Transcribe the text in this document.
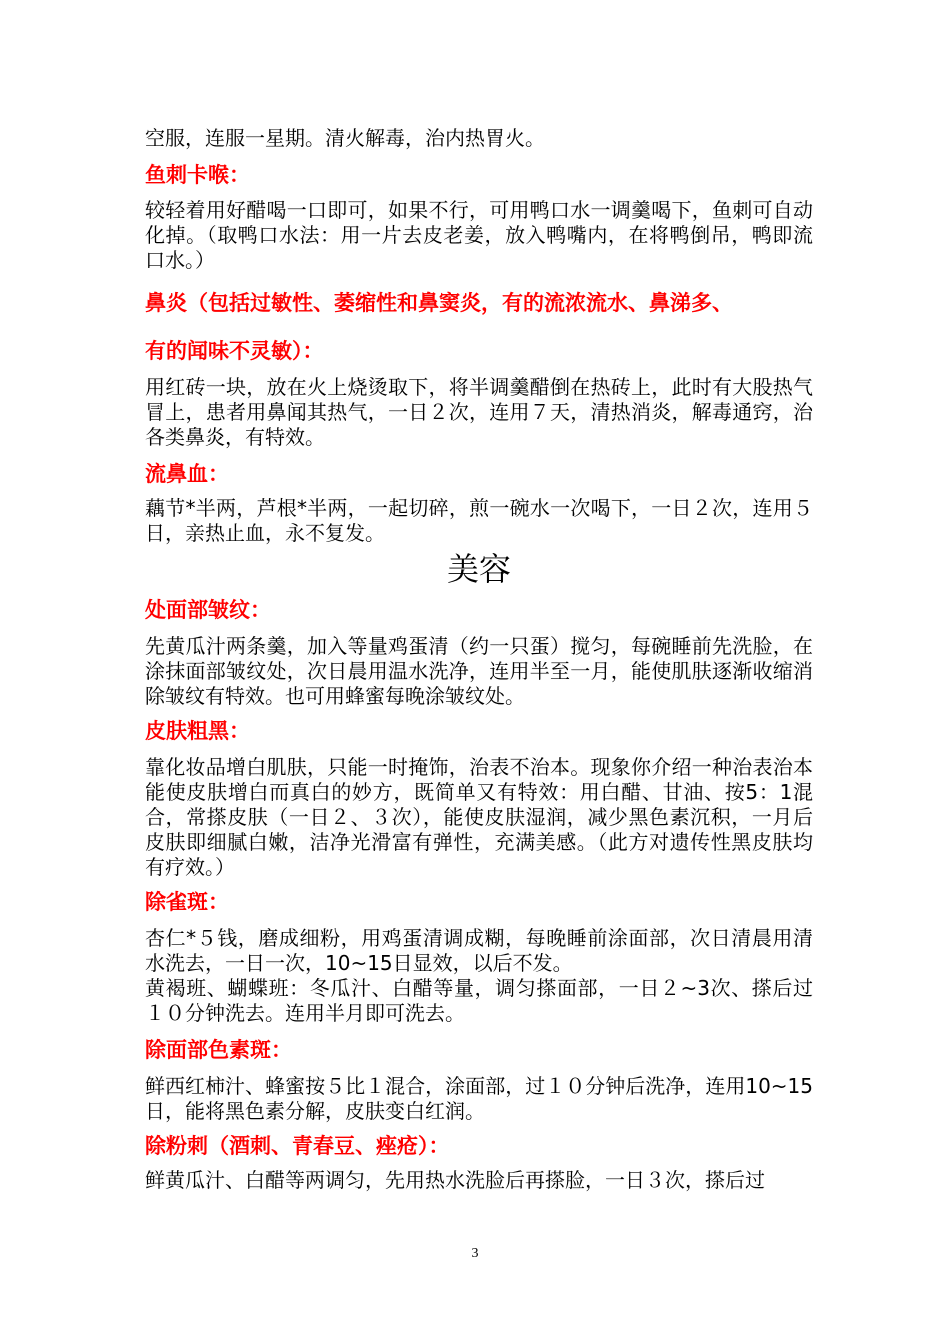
空服，连服一星期。清火解毒，治内热胃火。

鱼刺卡喉：

较轻着用好醋喝一口即可，如果不行，可用鸭口水一调羹喝下，鱼刺可自动化掉。（取鸭口水法：用一片去皮老姜，放入鸭嘴内，在将鸭倒吊，鸭即流口水。）

鼻炎（包括过敏性、萎缩性和鼻窦炎，有的流浓流水、鼻涕多、

有的闻味不灵敏）：

用红砖一块，放在火上烧烫取下，将半调羹醋倒在热砖上，此时有大股热气冒上，患者用鼻闻其热气，一日２次，连用７天，清热消炎，解毒通窍，治各类鼻炎，有特效。

流鼻血：

藕节*半两，芦根*半两，一起切碎，煎一碗水一次喝下，一日２次，连用５日，亲热止血，永不复发。

美容

处面部皱纹：

先黄瓜汁两条羹，加入等量鸡蛋清（约一只蛋）搅匀，每碗睡前先洗脸，在涂抹面部皱纹处，次日晨用温水洗净，连用半至一月，能使肌肤逐渐收缩消除皱纹有特效。也可用蜂蜜每晚涂皱纹处。

皮肤粗黑：

靠化妆品增白肌肤，只能一时掩饰，治表不治本。现象你介绍一种治表治本能使皮肤增白而真白的妙方，既简单又有特效：用白醋、甘油、按5：1混合，常搽皮肤（一日２、３次），能使皮肤湿润，减少黑色素沉积，一月后皮肤即细腻白嫩，洁净光滑富有弹性，充满美感。（此方对遗传性黑皮肤均有疗效。）

除雀斑：

杏仁*５钱，磨成细粉，用鸡蛋清调成糊，每晚睡前涂面部，次日清晨用清水洗去，一日一次，10~15日显效，以后不发。

黄褐班、蝴蝶班：冬瓜汁、白醋等量，调匀搽面部，一日２~3次、搽后过１０分钟洗去。连用半月即可洗去。

除面部色素斑：

鲜西红柿汁、蜂蜜按５比１混合，涂面部，过１０分钟后洗净，连用10~15日，能将黑色素分解，皮肤变白红润。

除粉刺（酒刺、青春豆、痤疮）：

鲜黄瓜汁、白醋等两调匀，先用热水洗脸后再搽脸，一日３次，搽后过

3
